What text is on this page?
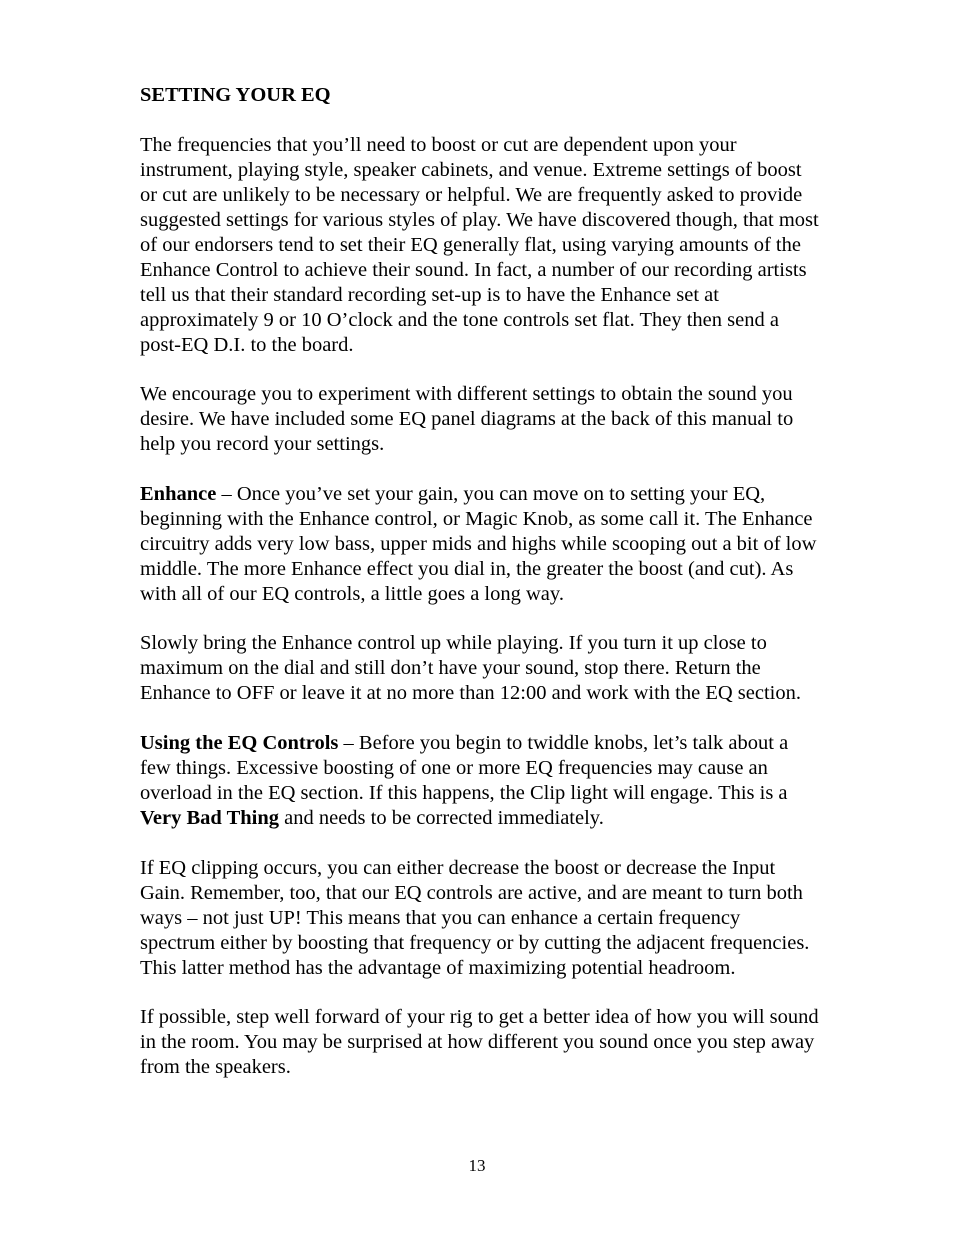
SETTING YOUR EQ

The frequencies that you’ll need to boost or cut are dependent upon your instrument, playing style, speaker cabinets, and venue. Extreme settings of boost or cut are unlikely to be necessary or helpful. We are frequently asked to provide suggested settings for various styles of play. We have discovered though, that most of our endorsers tend to set their EQ generally flat, using varying amounts of the Enhance Control to achieve their sound. In fact, a number of our recording artists tell us that their standard recording set-up is to have the Enhance set at approximately 9 or 10 O’clock and the tone controls set flat. They then send a post-EQ D.I. to the board.

We encourage you to experiment with different settings to obtain the sound you desire. We have included some EQ panel diagrams at the back of this manual to help you record your settings.

Enhance – Once you’ve set your gain, you can move on to setting your EQ, beginning with the Enhance control, or Magic Knob, as some call it. The Enhance circuitry adds very low bass, upper mids and highs while scooping out a bit of low middle. The more Enhance effect you dial in, the greater the boost (and cut). As with all of our EQ controls, a little goes a long way.

Slowly bring the Enhance control up while playing. If you turn it up close to maximum on the dial and still don’t have your sound, stop there. Return the Enhance to OFF or leave it at no more than 12:00 and work with the EQ section.

Using the EQ Controls – Before you begin to twiddle knobs, let’s talk about a few things. Excessive boosting of one or more EQ frequencies may cause an overload in the EQ section. If this happens, the Clip light will engage. This is a Very Bad Thing and needs to be corrected immediately.

If EQ clipping occurs, you can either decrease the boost or decrease the Input Gain. Remember, too, that our EQ controls are active, and are meant to turn both ways – not just UP! This means that you can enhance a certain frequency spectrum either by boosting that frequency or by cutting the adjacent frequencies. This latter method has the advantage of maximizing potential headroom.

If possible, step well forward of your rig to get a better idea of how you will sound in the room. You may be surprised at how different you sound once you step away from the speakers.

13
